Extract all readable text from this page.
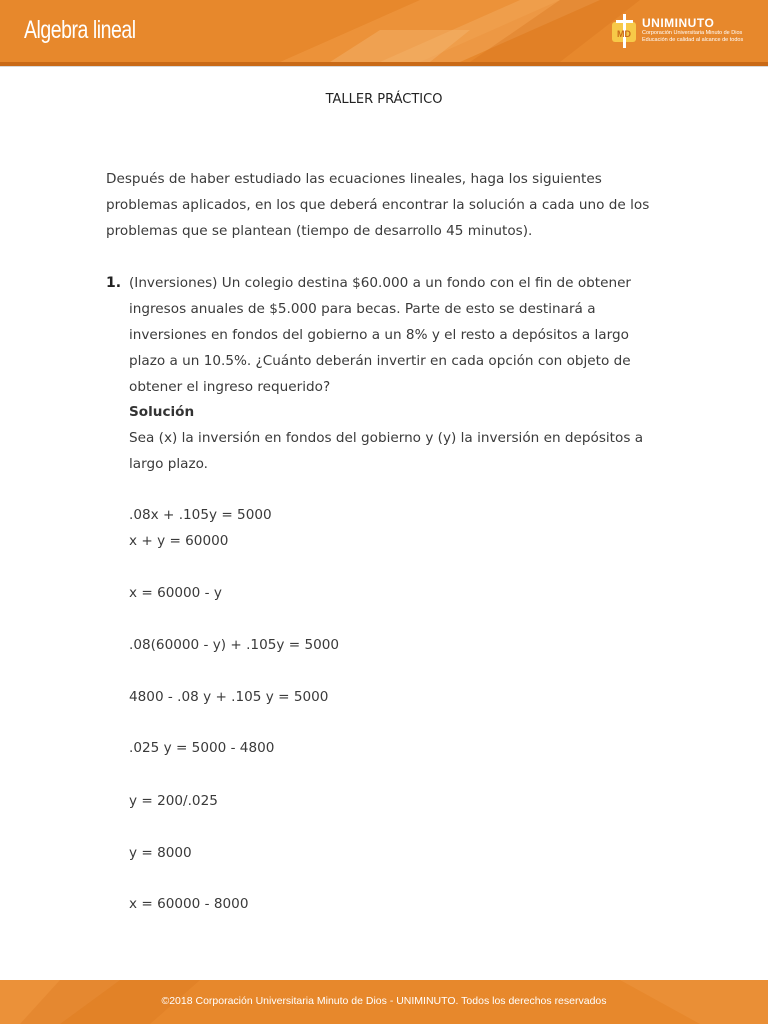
Algebra lineal	MD
UNIMINUTO
Corporación Universitaria Minuto de Dios
Educación de calidad al alcance de todos
TALLER PRÁCTICO

Después de haber estudiado las ecuaciones lineales, haga los siguientes problemas aplicados, en los que deberá encontrar la solución a cada uno de los problemas que se plantean (tiempo de desarrollo 45 minutos).

1. (Inversiones) Un colegio destina $60.000 a un fondo con el fin de obtener ingresos anuales de $5.000 para becas. Parte de esto se destinará a inversiones en fondos del gobierno a un 8% y el resto a depósitos a largo plazo a un 10.5%. ¿Cuánto deberán invertir en cada opción con objeto de obtener el ingreso requerido?

Solución

Sea (x) la inversión en fondos del gobierno y (y) la inversión en depósitos a largo plazo.

.08x + .105y = 5000
x + y = 60000
x = 60000 - y
.08(60000 - y) + .105y = 5000
4800 - .08 y + .105 y = 5000
.025 y = 5000 - 4800
y = 200/.025
y = 8000
x = 60000 - 8000
©2018 Corporación Universitaria Minuto de Dios - UNIMINUTO. Todos los derechos reservados
